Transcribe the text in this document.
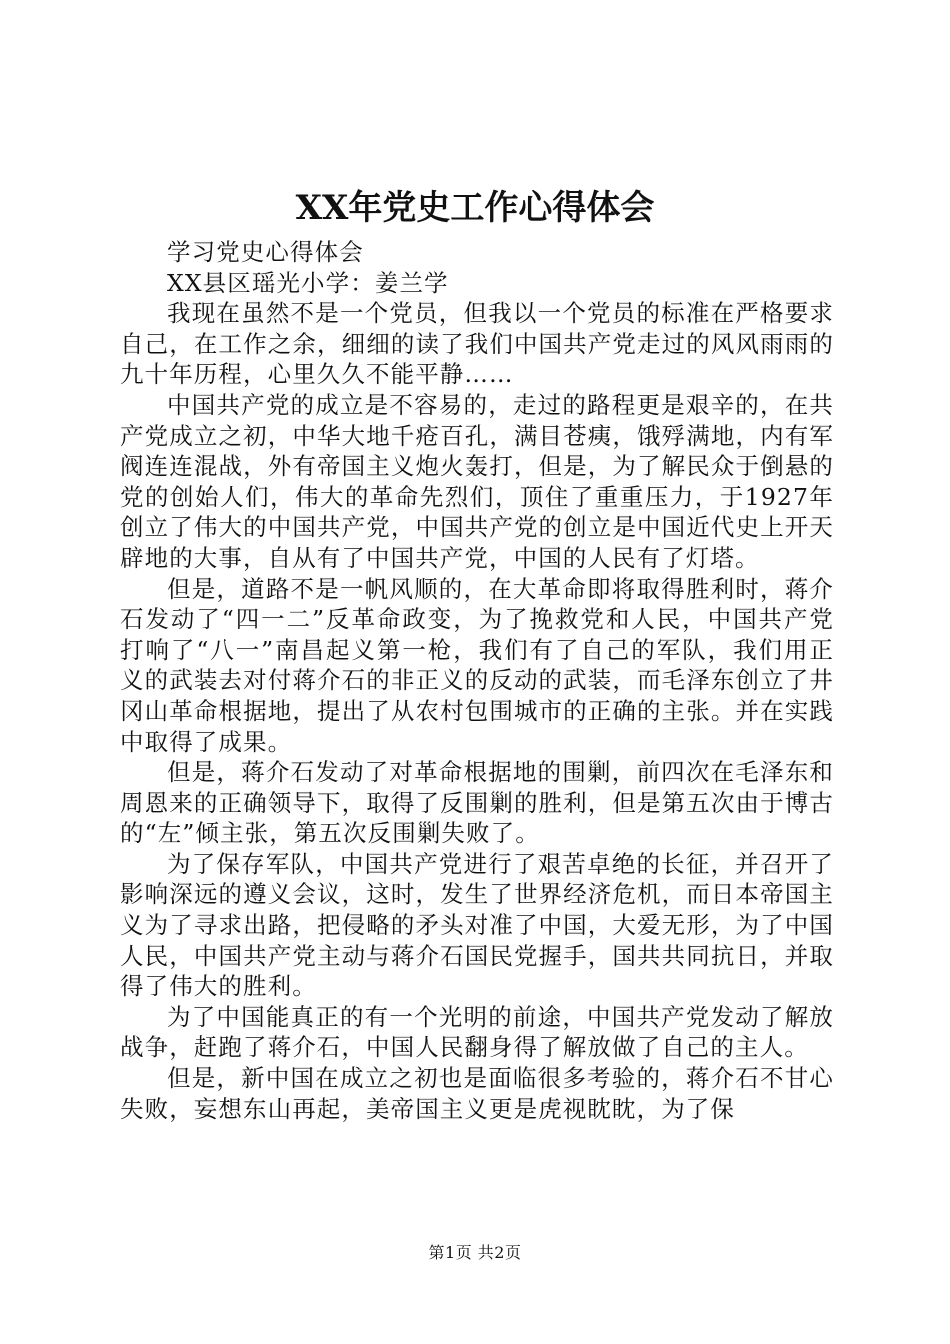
XX年党史工作心得体会

学习党史心得体会

XX县区瑶光小学：姜兰学

我现在虽然不是一个党员，但我以一个党员的标准在严格要求自己，在工作之余，细细的读了我们中国共产党走过的风风雨雨的九十年历程，心里久久不能平静……

中国共产党的成立是不容易的，走过的路程更是艰辛的，在共产党成立之初，中华大地千疮百孔，满目苍痍，饿殍满地，内有军阀连连混战，外有帝国主义炮火轰打，但是，为了解民众于倒悬的党的创始人们，伟大的革命先烈们，顶住了重重压力，于1927年创立了伟大的中国共产党，中国共产党的创立是中国近代史上开天辟地的大事，自从有了中国共产党，中国的人民有了灯塔。

但是，道路不是一帆风顺的，在大革命即将取得胜利时，蒋介石发动了“四一二”反革命政变，为了挽救党和人民，中国共产党打响了“八一”南昌起义第一枪，我们有了自己的军队，我们用正义的武装去对付蒋介石的非正义的反动的武装，而毛泽东创立了井冈山革命根据地，提出了从农村包围城市的正确的主张。并在实践中取得了成果。

但是，蒋介石发动了对革命根据地的围剿，前四次在毛泽东和周恩来的正确领导下，取得了反围剿的胜利，但是第五次由于博古的“左”倾主张，第五次反围剿失败了。

为了保存军队，中国共产党进行了艰苦卓绝的长征，并召开了影响深远的遵义会议，这时，发生了世界经济危机，而日本帝国主义为了寻求出路，把侵略的矛头对准了中国，大爱无形，为了中国人民，中国共产党主动与蒋介石国民党握手，国共共同抗日，并取得了伟大的胜利。

为了中国能真正的有一个光明的前途，中国共产党发动了解放战争，赶跑了蒋介石，中国人民翻身得了解放做了自己的主人。

但是，新中国在成立之初也是面临很多考验的，蒋介石不甘心失败，妄想东山再起，美帝国主义更是虎视眈眈，为了保

第1页 共2页
